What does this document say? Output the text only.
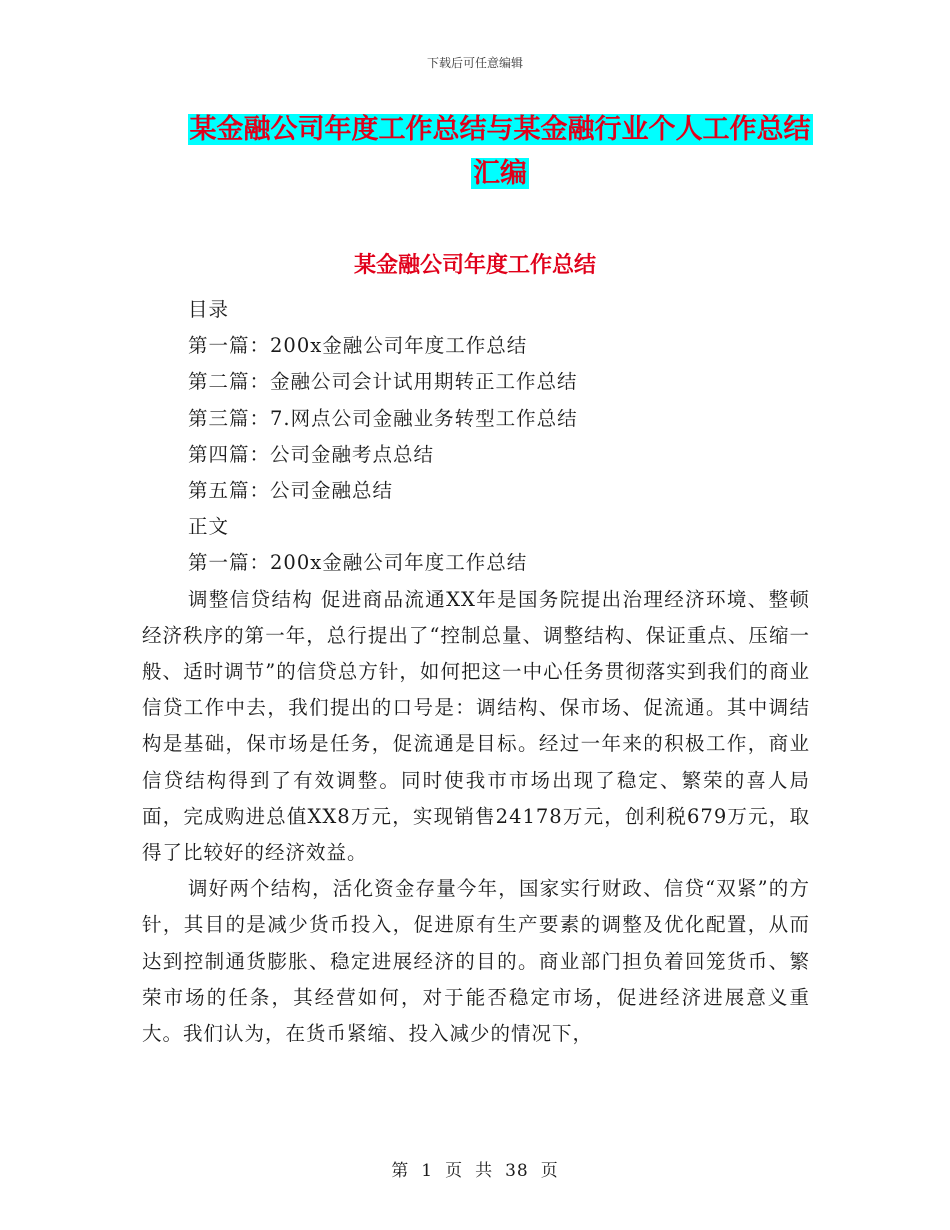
下载后可任意编辑
某金融公司年度工作总结与某金融行业个人工作总结
汇编
某金融公司年度工作总结
目录
第一篇：200x金融公司年度工作总结
第二篇：金融公司会计试用期转正工作总结
第三篇：7.网点公司金融业务转型工作总结
第四篇：公司金融考点总结
第五篇：公司金融总结
正文
第一篇：200x金融公司年度工作总结

调整信贷结构 促进商品流通XX年是国务院提出治理经济环境、整顿经济秩序的第一年，总行提出了“控制总量、调整结构、保证重点、压缩一般、适时调节”的信贷总方针，如何把这一中心任务贯彻落实到我们的商业信贷工作中去，我们提出的口号是：调结构、保市场、促流通。其中调结构是基础，保市场是任务，促流通是目标。经过一年来的积极工作，商业信贷结构得到了有效调整。同时使我市市场出现了稳定、繁荣的喜人局面，完成购进总值XX8万元，实现销售24178万元，创利税679万元，取得了比较好的经济效益。

调好两个结构，活化资金存量今年，国家实行财政、信贷“双紧”的方针，其目的是减少货币投入，促进原有生产要素的调整及优化配置，从而达到控制通货膨胀、稳定进展经济的目的。商业部门担负着回笼货币、繁荣市场的任条，其经营如何，对于能否稳定市场，促进经济进展意义重大。我们认为，在货币紧缩、投入减少的情况下，

第 1 页 共 38 页
